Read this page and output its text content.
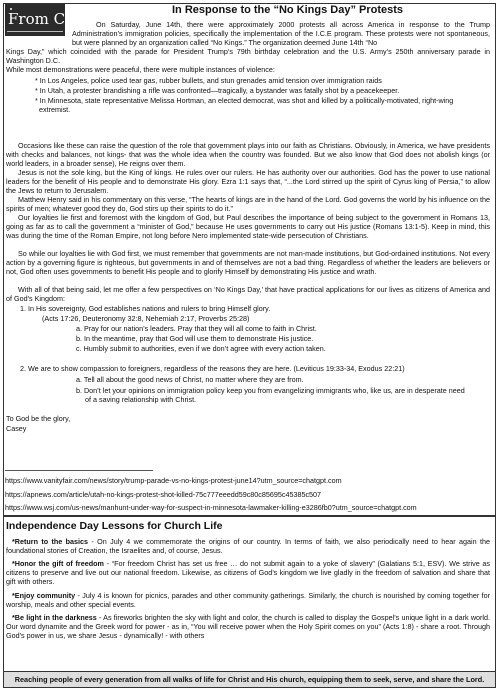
From Casey	In Response to the “No Kings Day” Protests
On Saturday, June 14th, there were approximately 2000 protests all across America in response to the Trump Administration’s immigration policies, specifically the implementation of the I.C.E program. These protests were not spontaneous, but were planned by an organization called “No Kings.” The organization deemed June 14th “No
Kings Day,” which coincided with the parade for President Trump’s 79th birthday celebration and the U.S. Army’s 250th anniversary parade in Washington D.C.
While most demonstrations were peaceful, there were multiple instances of violence:
* In Los Angeles, police used tear gas, rubber bullets, and stun grenades amid tension over immigration raids
* In Utah, a protester brandishing a rifle was confronted—tragically, a bystander was fatally shot by a peacekeeper.
* In Minnesota, state representative Melissa Hortman, an elected democrat, was shot and killed by a politically-motivated, right-wing extremist.
Occasions like these can raise the question of the role that government plays into our faith as Christians. Obviously, in America, we have presidents with checks and balances, not kings- that was the whole idea when the country was founded. But we also know that God does not abolish kings (or world leaders, in a broader sense), He reigns over them.
Jesus is not the sole king, but the King of kings. He rules over our rulers. He has authority over our authorities. God has the power to use national leaders for the benefit of His people and to demonstrate His glory. Ezra 1:1 says that, “...the Lord stirred up the spirit of Cyrus king of Persia,” to allow the Jews to return to Jerusalem.
Matthew Henry said in his commentary on this verse, “The hearts of kings are in the hand of the Lord. God governs the world by his influence on the spirits of men; whatever good they do, God stirs up their spirits to do it.”
Our loyalties lie first and foremost with the kingdom of God, but Paul describes the importance of being subject to the government in Romans 13, going as far as to call the government a “minister of God,” because He uses governments to carry out His justice (Romans 13:1-5). Keep in mind, this was during the time of the Roman Empire, not long before Nero implemented state-wide persecution of Christians.
So while our loyalties lie with God first, we must remember that governments are not man-made institutions, but God-ordained institutions. Not every action by a governing figure is righteous, but governments in and of themselves are not a bad thing. Regardless of whether the leaders are believers or not, God often uses governments to benefit His people and to glorify Himself by demonstrating His justice and wrath.
With all of that being said, let me offer a few perspectives on ‘No Kings Day,’ that have practical applications for our lives as citizens of America and of God’s Kingdom:
1. In His sovereignty, God establishes nations and rulers to bring Himself glory.
(Acts 17:26, Deuteronomy 32:8, Nehemiah 2:17, Proverbs 25:28)
a. Pray for our nation’s leaders. Pray that they will all come to faith in Christ.
b. In the meantime, pray that God will use them to demonstrate His justice.
c. Humbly submit to authorities, even if we don’t agree with every action taken.
2. We are to show compassion to foreigners, regardless of the reasons they are here. (Leviticus 19:33-34, Exodus 22:21)
a. Tell all about the good news of Christ, no matter where they are from.
b. Don’t let your opinions on immigration policy keep you from evangelizing immigrants who, like us, are in desperate need
of a saving relationship with Christ.
To God be the glory,
Casey
https://www.vanityfair.com/news/story/trump-parade-vs-no-kings-protest-june14?utm_source=chatgpt.com
https://apnews.com/article/utah-no-kings-protest-shot-killed-75c777eeedd59c80c85695c45385c507
https://www.wsj.com/us-news/manhunt-under-way-for-suspect-in-minnesota-lawmaker-killing-e3286fb0?utm_source=chatgpt.com
Independence Day Lessons for Church Life
*Return to the basics - On July 4 we commemorate the origins of our country. In terms of faith, we also periodically need to hear again the foundational stories of Creation, the Israelites and, of course, Jesus.
*Honor the gift of freedom - “For freedom Christ has set us free … do not submit again to a yoke of slavery” (Galatians 5:1, ESV). We strive as citizens to preserve and live out our national freedom. Likewise, as citizens of God’s kingdom we live gladly in the freedom of salvation and share that gift with others.
*Enjoy community - July 4 is known for picnics, parades and other community gatherings. Similarly, the church is nourished by coming together for worship, meals and other special events.
*Be light in the darkness - As fireworks brighten the sky with light and color, the church is called to display the Gospel’s unique light in a dark world. Our word dynamite and the Greek word for power - as in, “You will receive power when the Holy Spirit comes on you” (Acts 1:8) - share a root. Through God’s power in us, we share Jesus - dynamically! - with others
Reaching people of every generation from all walks of life for Christ and His church, equipping them to seek, serve, and share the Lord.
